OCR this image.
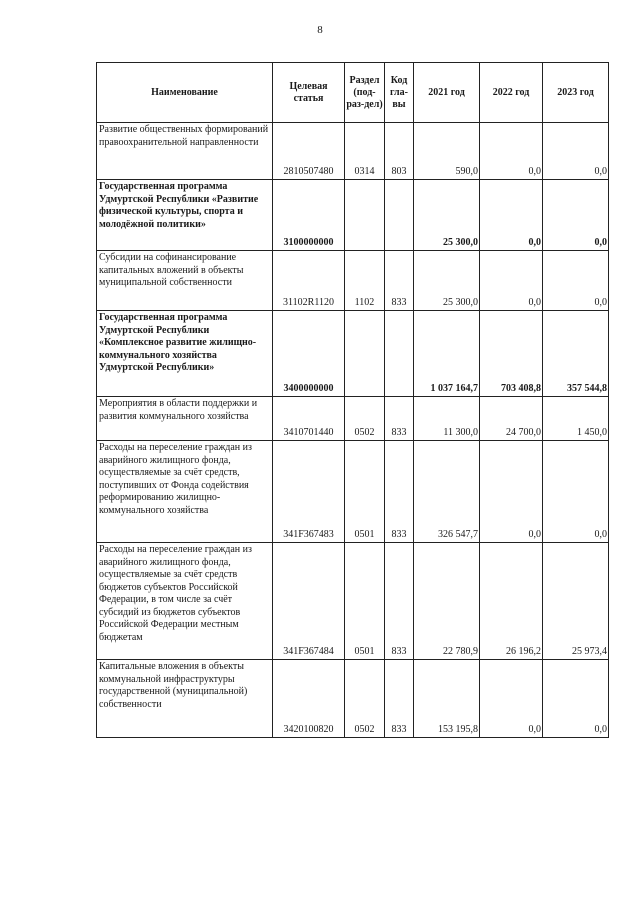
8
Наименование	Целевая статья	Раздел (под-раз-дел)	Код гла-вы	2021 год	2022 год	2023 год
Развитие общественных формирований правоохранительной направленности	2810507480	0314	803	590,0	0,0	0,0
Государственная программа Удмуртской Республики «Развитие физической культуры, спорта и молодёжной политики»	3100000000			25 300,0	0,0	0,0
Субсидии на софинансирование капитальных вложений в объекты муниципальной собственности	31102R1120	1102	833	25 300,0	0,0	0,0
Государственная программа Удмуртской Республики «Комплексное развитие жилищно-коммунального хозяйства Удмуртской Республики»	3400000000			1 037 164,7	703 408,8	357 544,8
Мероприятия в области поддержки и развития коммунального хозяйства	3410701440	0502	833	11 300,0	24 700,0	1 450,0
Расходы на переселение граждан из аварийного жилищного фонда, осуществляемые за счёт средств, поступивших от Фонда содействия реформированию жилищно-коммунального хозяйства	341F367483	0501	833	326 547,7	0,0	0,0
Расходы на переселение граждан из аварийного жилищного фонда, осуществляемые за счёт средств бюджетов субъектов Российской Федерации, в том числе за счёт субсидий из бюджетов субъектов Российской Федерации местным бюджетам	341F367484	0501	833	22 780,9	26 196,2	25 973,4
Капитальные вложения в объекты коммунальной инфраструктуры государственной (муниципальной) собственности	3420100820	0502	833	153 195,8	0,0	0,0
